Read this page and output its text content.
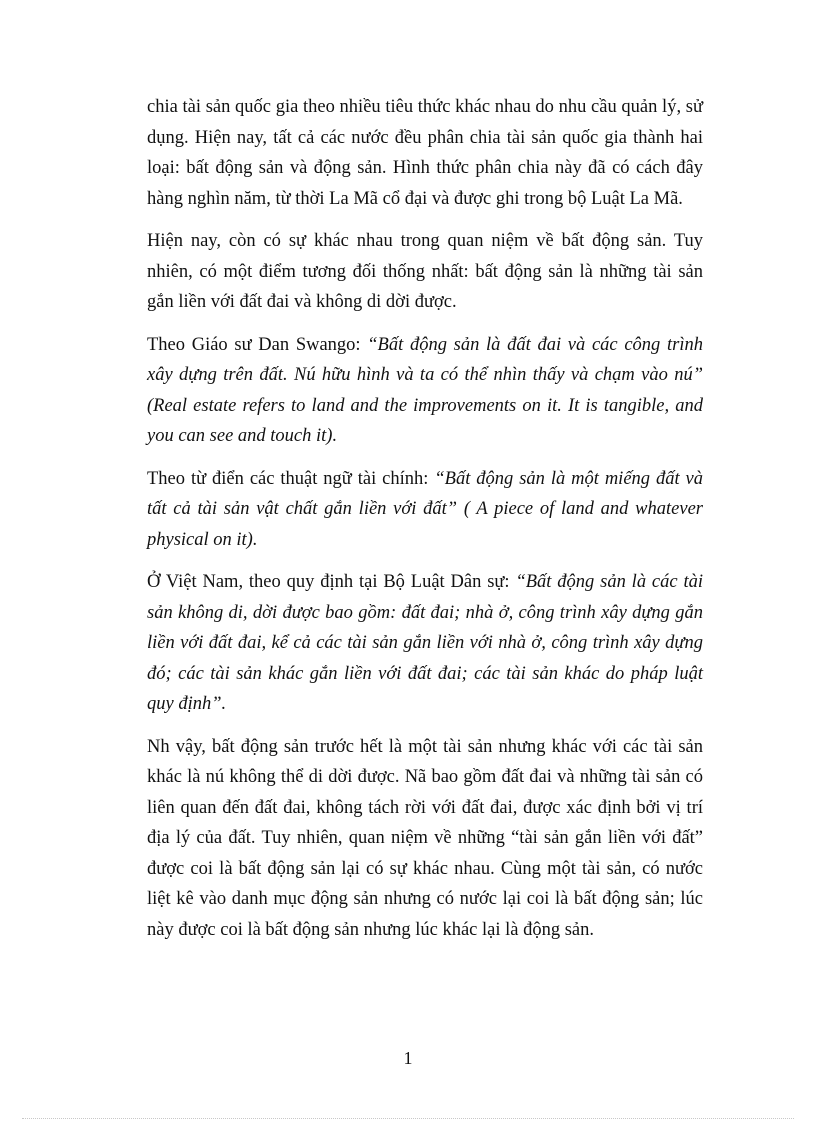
chia tài sản quốc gia theo nhiều tiêu thức khác nhau do nhu cầu quản lý, sử dụng. Hiện nay, tất cả các nước đều phân chia tài sản quốc gia thành hai loại: bất động sản và động sản. Hình thức phân chia này đã có cách đây hàng nghìn năm, từ thời La Mã cổ đại và được ghi trong bộ Luật La Mã.

Hiện nay, còn có sự khác nhau trong quan niệm về bất động sản. Tuy nhiên, có một điểm tương đối thống nhất: bất động sản là những tài sản gắn liền với đất đai và không di dời được.

Theo Giáo sư Dan Swango: “Bất động sản là đất đai và các công trình xây dựng trên đất. Nú hữu hình và ta có thể nhìn thấy và chạm vào nú” (Real estate refers to land and the improvements on it. It is tangible, and you can see and touch it).

Theo từ điển các thuật ngữ tài chính: “Bất động sản là một miếng đất và tất cả tài sản vật chất gắn liền với đất” ( A piece of land and whatever physical on it).

Ở Việt Nam, theo quy định tại Bộ Luật Dân sự: “Bất động sản là các tài sản không di, dời được bao gồm: đất đai; nhà ở, công trình xây dựng gắn liền với đất đai, kể cả các tài sản gắn liền với nhà ở, công trình xây dựng đó; các tài sản khác gắn liền với đất đai; các tài sản khác do pháp luật quy định”.

Nh vậy, bất động sản trước hết là một tài sản nhưng khác với các tài sản khác là nú không thể di dời được. Nã bao gồm đất đai và những tài sản có liên quan đến đất đai, không tách rời với đất đai, được xác định bởi vị trí địa lý của đất. Tuy nhiên, quan niệm về những “tài sản gắn liền với đất” được coi là bất động sản lại có sự khác nhau. Cùng một tài sản, có nước liệt kê vào danh mục động sản nhưng có nước lại coi là bất động sản; lúc này được coi là bất động sản nhưng lúc khác lại là động sản.

1
